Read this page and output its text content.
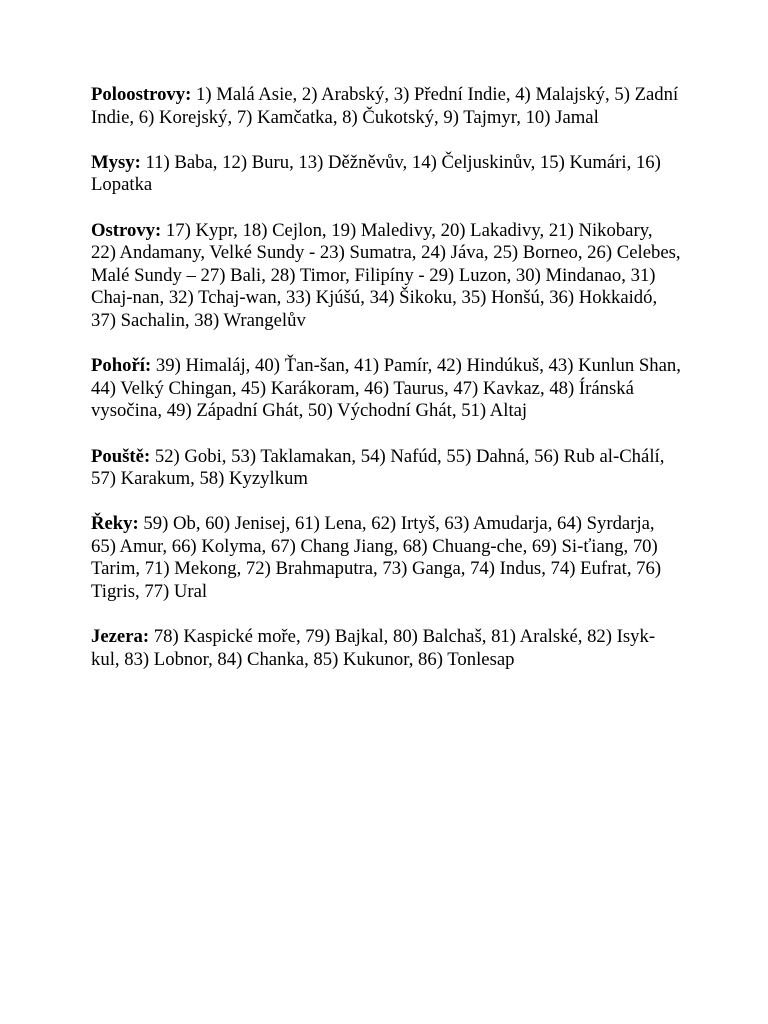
Poloostrovy: 1) Malá Asie, 2) Arabský, 3) Přední Indie, 4) Malajský, 5) Zadní Indie, 6) Korejský, 7) Kamčatka, 8) Čukotský, 9) Tajmyr, 10) Jamal

Mysy: 11) Baba, 12) Buru, 13) Děžněvův, 14) Čeljuskinův, 15) Kumári, 16) Lopatka

Ostrovy: 17) Kypr, 18) Cejlon, 19) Maledivy, 20) Lakadivy, 21) Nikobary, 22) Andamany, Velké Sundy - 23) Sumatra, 24) Jáva, 25) Borneo, 26) Celebes, Malé Sundy – 27) Bali, 28) Timor, Filipíny - 29) Luzon, 30) Mindanao, 31) Chaj-nan, 32) Tchaj-wan, 33) Kjúšú, 34) Šikoku, 35) Honšú, 36) Hokkaidó, 37) Sachalin, 38) Wrangelův

Pohoří: 39) Himaláj, 40) Ťan-šan, 41) Pamír, 42) Hindúkuš, 43) Kunlun Shan, 44) Velký Chingan, 45) Karákoram, 46) Taurus, 47) Kavkaz, 48) Íránská vysočina, 49) Západní Ghát, 50) Východní Ghát, 51) Altaj

Pouště: 52) Gobi, 53) Taklamakan, 54) Nafúd, 55) Dahná, 56) Rub al-Chálí, 57) Karakum, 58) Kyzylkum

Řeky: 59) Ob, 60) Jenisej, 61) Lena, 62) Irtyš, 63) Amudarja, 64) Syrdarja, 65) Amur, 66) Kolyma, 67) Chang Jiang, 68) Chuang-che, 69) Si-ťiang, 70) Tarim, 71) Mekong, 72) Brahmaputra, 73) Ganga, 74) Indus, 74) Eufrat, 76) Tigris, 77) Ural

Jezera: 78) Kaspické moře, 79) Bajkal, 80) Balchaš, 81) Aralské, 82) Isyk-kul, 83) Lobnor, 84) Chanka, 85) Kukunor, 86) Tonlesap
